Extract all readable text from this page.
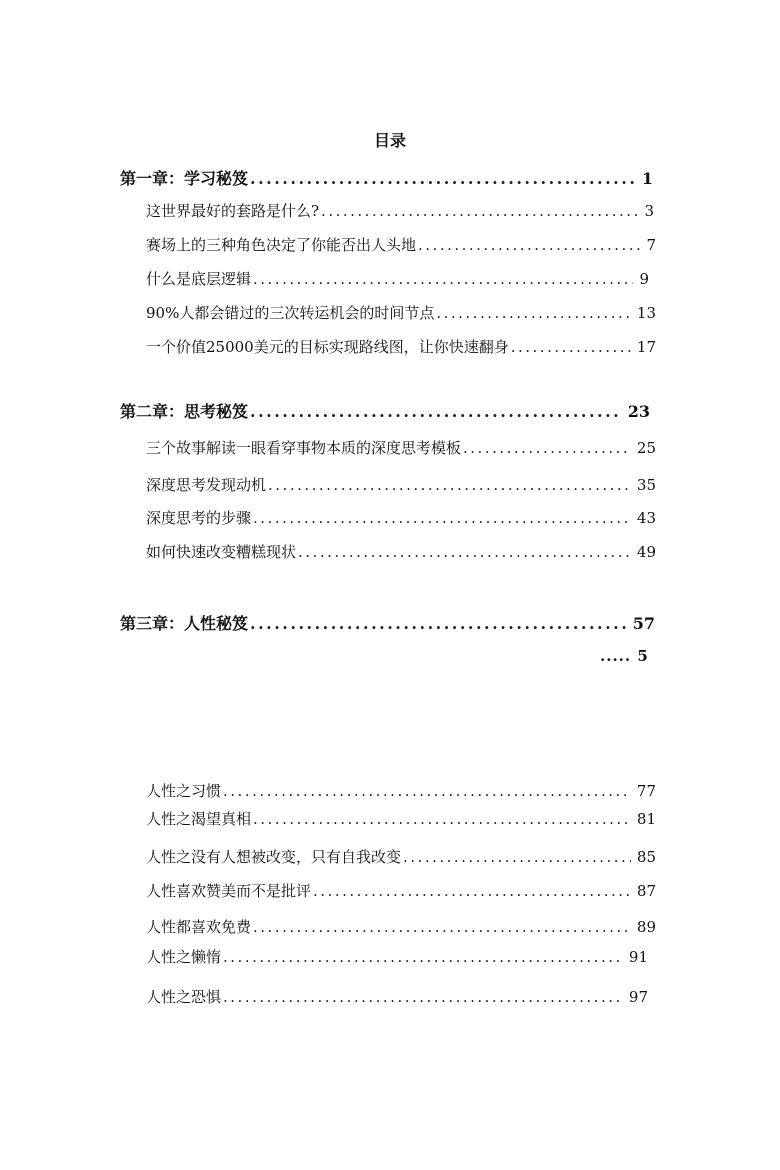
目录
第一章：学习秘笈 .....	1
这世界最好的套路是什么? .....	3
赛场上的三种角色决定了你能否出人头地 .....	7
什么是底层逻辑 .....	9
90%人都会错过的三次转运机会的时间节点 .....	13
一个价值25000美元的目标实现路线图，让你快速翻身 .....	17
第二章：思考秘笈 .....	23
三个故事解读一眼看穿事物本质的深度思考模板 .....	25
深度思考发现动机 .....	35
深度思考的步骤 .....	43
如何快速改变糟糕现状 .....	49
第三章：人性秘笈 .....	57
..... 5
人性之习惯 .....	77
人性之渴望真相 .....	81
人性之没有人想被改变，只有自我改变 .....	85
人性喜欢赞美而不是批评 .....	87
人性都喜欢免费 .....	89
人性之懒惰 .....	91
人性之恐惧 .....	97
